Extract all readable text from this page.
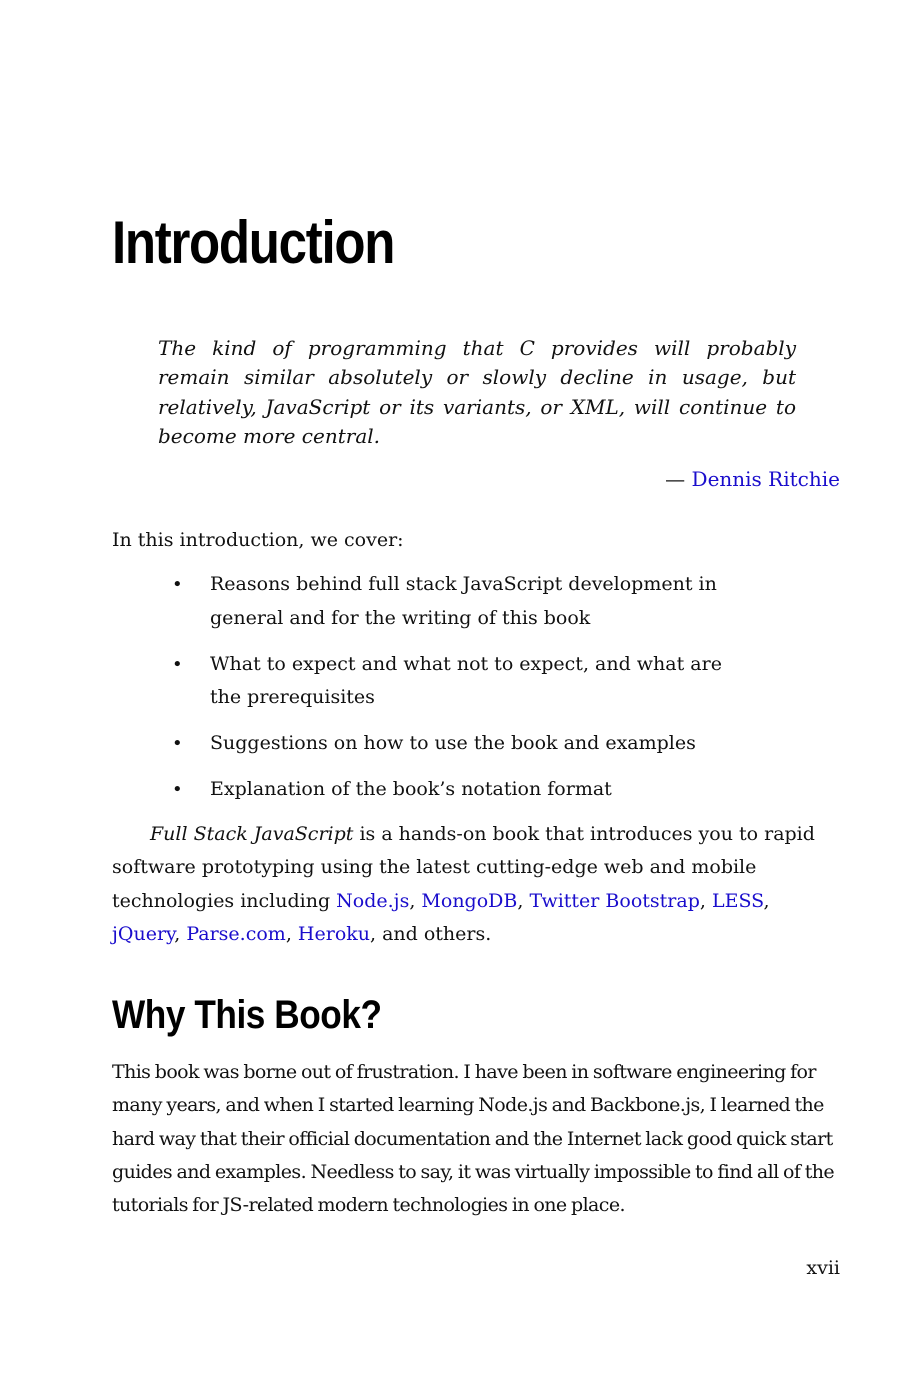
Introduction

The kind of programming that C provides will probably remain similar absolutely or slowly decline in usage, but relatively, JavaScript or its variants, or XML, will continue to become more central.

— Dennis Ritchie

In this introduction, we cover:

• Reasons behind full stack JavaScript development in general and for the writing of this book
• What to expect and what not to expect, and what are the prerequisites
• Suggestions on how to use the book and examples
• Explanation of the book’s notation format

Full Stack JavaScript is a hands-on book that introduces you to rapid software prototyping using the latest cutting-edge web and mobile technologies including Node.js, MongoDB, Twitter Bootstrap, LESS, jQuery, Parse.com, Heroku, and others.

Why This Book?

This book was borne out of frustration. I have been in software engineering for many years, and when I started learning Node.js and Backbone.js, I learned the hard way that their official documentation and the Internet lack good quick start guides and examples. Needless to say, it was virtually impossible to find all of the tutorials for JS-related modern technologies in one place.

xvii
